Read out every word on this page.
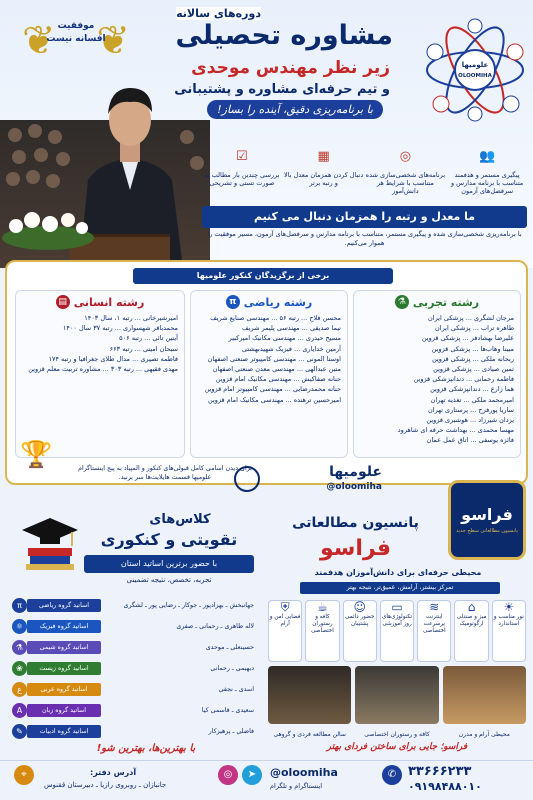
❦ ❦
موفقیت افسانه نیست
دوره‌های سالانه
مشاوره تحصیلی
زیر نظر مهندس موحدی
و تیم حرفه‌ای مشاوره و پشتیبانی
با برنامه‌ریزی دقیق، آینده را بساز!
علومیها
OLOOMIHA
👥
پیگیری مستمر و هدفمند متناسب با برنامه مدارس و سرفصل‌های آزمون
◎
برنامه‌های شخصی‌سازی شده متناسب با شرایط هر دانش‌آموز
▦
دنبال کردن همزمان معدل بالا و رتبه برتر
☑
بررسی چندین بار مطالب به صورت تستی و تشریحی
ما معدل و رتبه را همزمان دنبال می کنیم
با برنامه‌ریزی شخصی‌سازی شده و پیگیری مستمر، متناسب با برنامه مدارس و سرفصل‌های آزمون، مسیر موفقیت را هموار می‌کنیم.
برخی از برگزیدگان کنکور علومیها
رشته تجربی
⚗
مرجان لشگری ... پزشکی ایران
طاهره تراب ... پزشکی ایران
علیرضا بهشادفر ... پزشکی قزوین
مبینا وهاب‌ها ... پزشکی قزوین
ریحانه ملکی ... پزشکی قزوین
ثمین صیادی ... پزشکی قزوین
فاطمه رحمانی ... دندانپزشکی قزوین
هما زارع ... دندانپزشکی قزوین
امیرمحمد ملکی ... تغذیه تهران
ساریا پورفرح ... پرستاری تهران
یزدان شیرزاد ... هوشبری قزوین
مهسا محمدی ... بهداشت حرفه ای شاهرود
فائزه یوسفی ... اتاق عمل عمان
رشته ریاضی
π
محسن فلاح ... رتبه ۵۶ ... مهندسی صنایع شریف
نیما صدیقی ... مهندسی پلیمر شریف
مسیح حیدری ... مهندسی مکانیک امیرکبیر
آرمین خدایاری ... فیزیک شهیدبهشتی
اوستا المونی ... مهندسی کامپیوتر صنعتی اصفهان
متین عبدالهی ... مهندسی معدن صنعتی اصفهان
حنانه صفاکیش ... مهندسی مکانیک امام قزوین
حنانه محمدرضایی ... مهندسی کامپیوتر امام قزوین
امیرحسین ترهنده ... مهندسی مکانیک امام قزوین
رشته انسانی
▤
امیرشیرخانی ... رتبه ۱، سال ۱۴۰۳
محمدباقر شهسواری ... رتبه ۳۷ سال ۱۴۰۰
آیتین تائی ... رتبه ۵۰۶
سبحان امینی ... رتبه ۶۶۳
فاطمه تصیری ... مدال طلای جغرافیا و رتبه ۱۷۴
مهدی فقیهی ... رتبه ۳۰۳ ... مشاوره تربیت معلم قزوین
🏆	برای دیدن اسامی کامل قبولی‌های کنکور و المپیاد به پیج اینستاگرام علومیها قسمت هایلایت‌ها سر بزنید.	علومیها
@oloomiha
کلاس‌های
تقویتی و کنکوری
با حضور برترین اساتید استان
تجربه، تخصص، نتیجه تضمینی
جهانبخش ـ بهزادپور ـ جوکار ـ رضایی پور ـ لشگری
اساتید گروه ریاضی
π
لاله طاهری ـ رحمانی ـ صفری
اساتید گروه فیزیک
⚛
حسینعلی ـ موحدی
اساتید گروه شیمی
⚗
دیهیمی ـ رحمانی
اساتید گروه زیست
❀
اسدی ـ نجفی
اساتید گروه عربی
ع
سعیدی ـ قاسمی کیا
اساتید گروه زبان
A
فاضلی ـ پرهیزکار
اساتید گروه ادبیات
✎
با بهترین‌ها، بهترین شو!
فراسو
پانسیون مطالعاتی سطح جدید
پانسیون مطالعاتی
فراسو
محیطی حرفه‌ای برای دانش‌آموزان هدفمند
تمرکز بیشتر، آرامش، عمیق‌تر، نتیجه بهتر
☀
نور مناسب و استاندارد
⌂
میز و صندلی ارگونومیک
≋
اینترنت پرسرعت اختصاصی
▭
تکنولوژی‌های روز آموزشی
☺
حضور دائمی پشتیبان
☕
کافه و رستوران اختصاصی
⛨
فضایی امن و آرام
محیطی آرام و مدرن
کافه و رستوران اختصاصی
سالن مطالعه فردی و گروهی
فراسو؛ جایی برای ساختن فردای بهتر
✆ ۳۳۶۶۶۲۳۳
۰۹۱۹۸۴۸۸۰۱۰
◎	➤	@oloomiha
اینستاگرام و تلگرام
⌖	آدرس دفتر:
جانبازان ـ روبروی رازیا ـ دبیرستان ققنوس
